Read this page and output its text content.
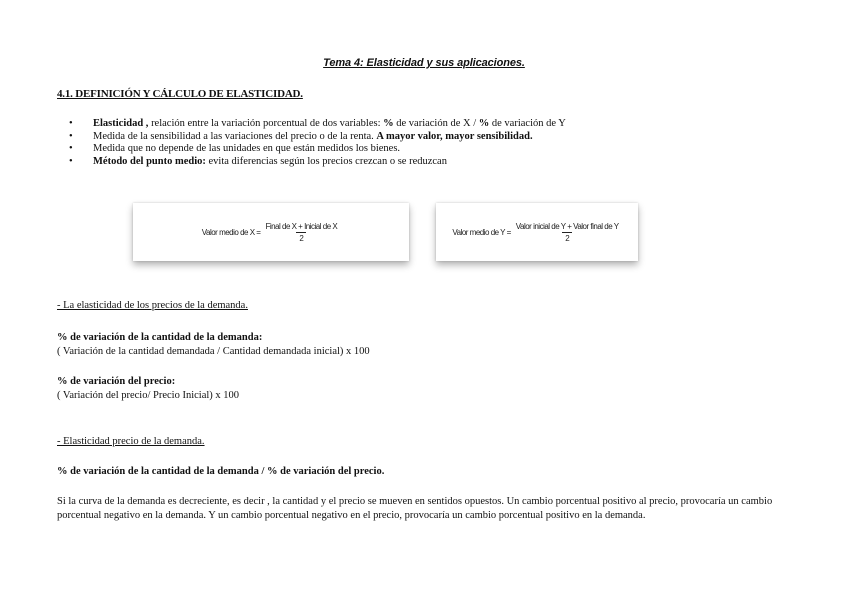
Tema 4: Elasticidad y sus aplicaciones.
4.1. DEFINICIÓN Y CÁLCULO DE ELASTICIDAD.
•	Elasticidad , relación entre la variación porcentual de dos variables: % de variación de X / % de variación de Y
•	Medida de la sensibilidad a las variaciones del precio o de la renta. A mayor valor, mayor sensibilidad.
•	Medida que no depende de las unidades en que están medidos los bienes.
•	Método del punto medio: evita diferencias según los precios crezcan o se reduzcan
Valor medio de $X = \frac{\text{Final de X + Inicial de X}}{2}$	Valor medio de $Y = \frac{\text{Valor inicial de Y + Valor final de Y}}{2}$
- La elasticidad de los precios de la demanda.
% de variación de la cantidad de la demanda:
( Variación de la cantidad demandada / Cantidad demandada inicial) x 100
% de variación del precio:
( Variación del precio/ Precio Inicial) x 100
- Elasticidad precio de la demanda.
% de variación de la cantidad de la demanda / % de variación del precio.
Si la curva de la demanda es decreciente, es decir , la cantidad y el precio se mueven en sentidos opuestos. Un cambio porcentual positivo al precio, provocaría un cambio porcentual negativo en la demanda. Y un cambio porcentual negativo en el precio, provocaría un cambio porcentual positivo en la demanda.
